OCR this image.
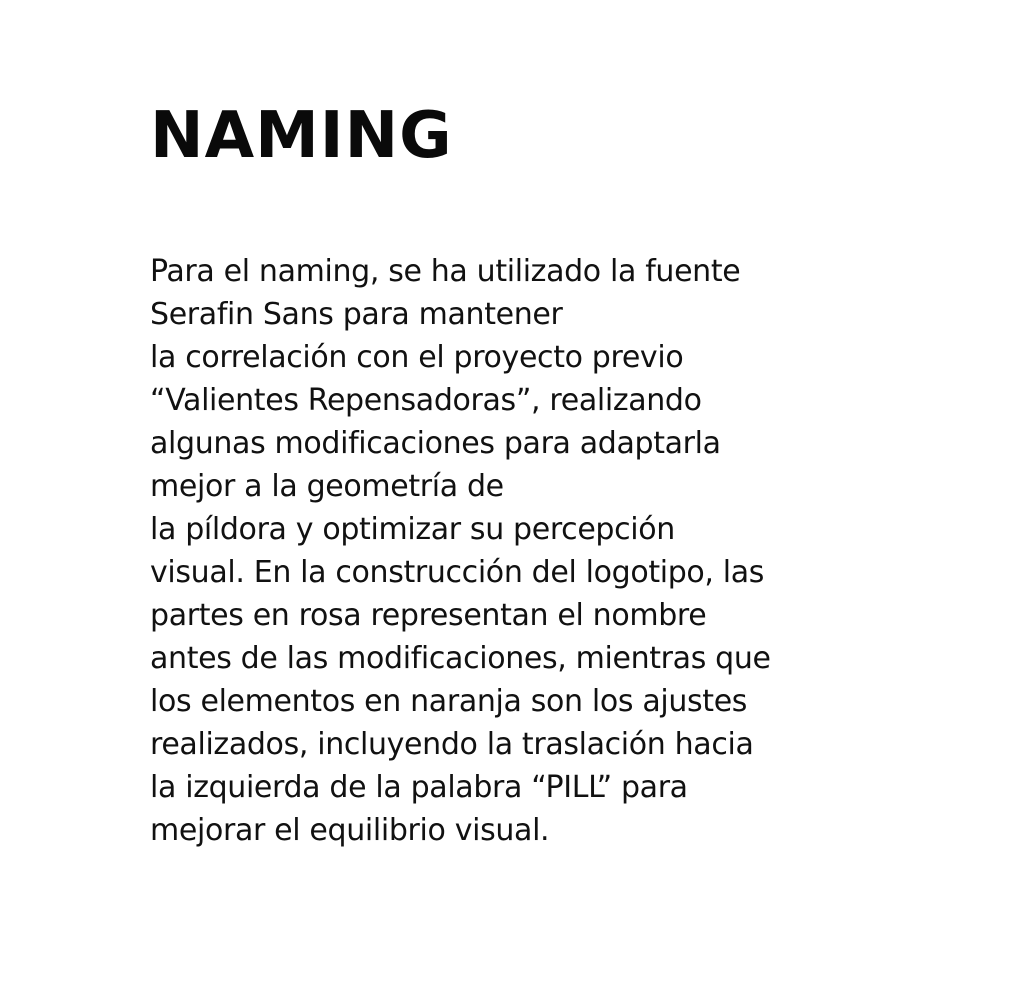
NAMING

Para el naming, se ha utilizado la fuente
Serafin Sans para mantener
la correlación con el proyecto previo
“Valientes Repensadoras”, realizando
algunas modificaciones para adaptarla
mejor a la geometría de
la píldora y optimizar su percepción
visual. En la construcción del logotipo, las
partes en rosa representan el nombre
antes de las modificaciones, mientras que
los elementos en naranja son los ajustes
realizados, incluyendo la traslación hacia
la izquierda de la palabra “PILL” para
mejorar el equilibrio visual.
